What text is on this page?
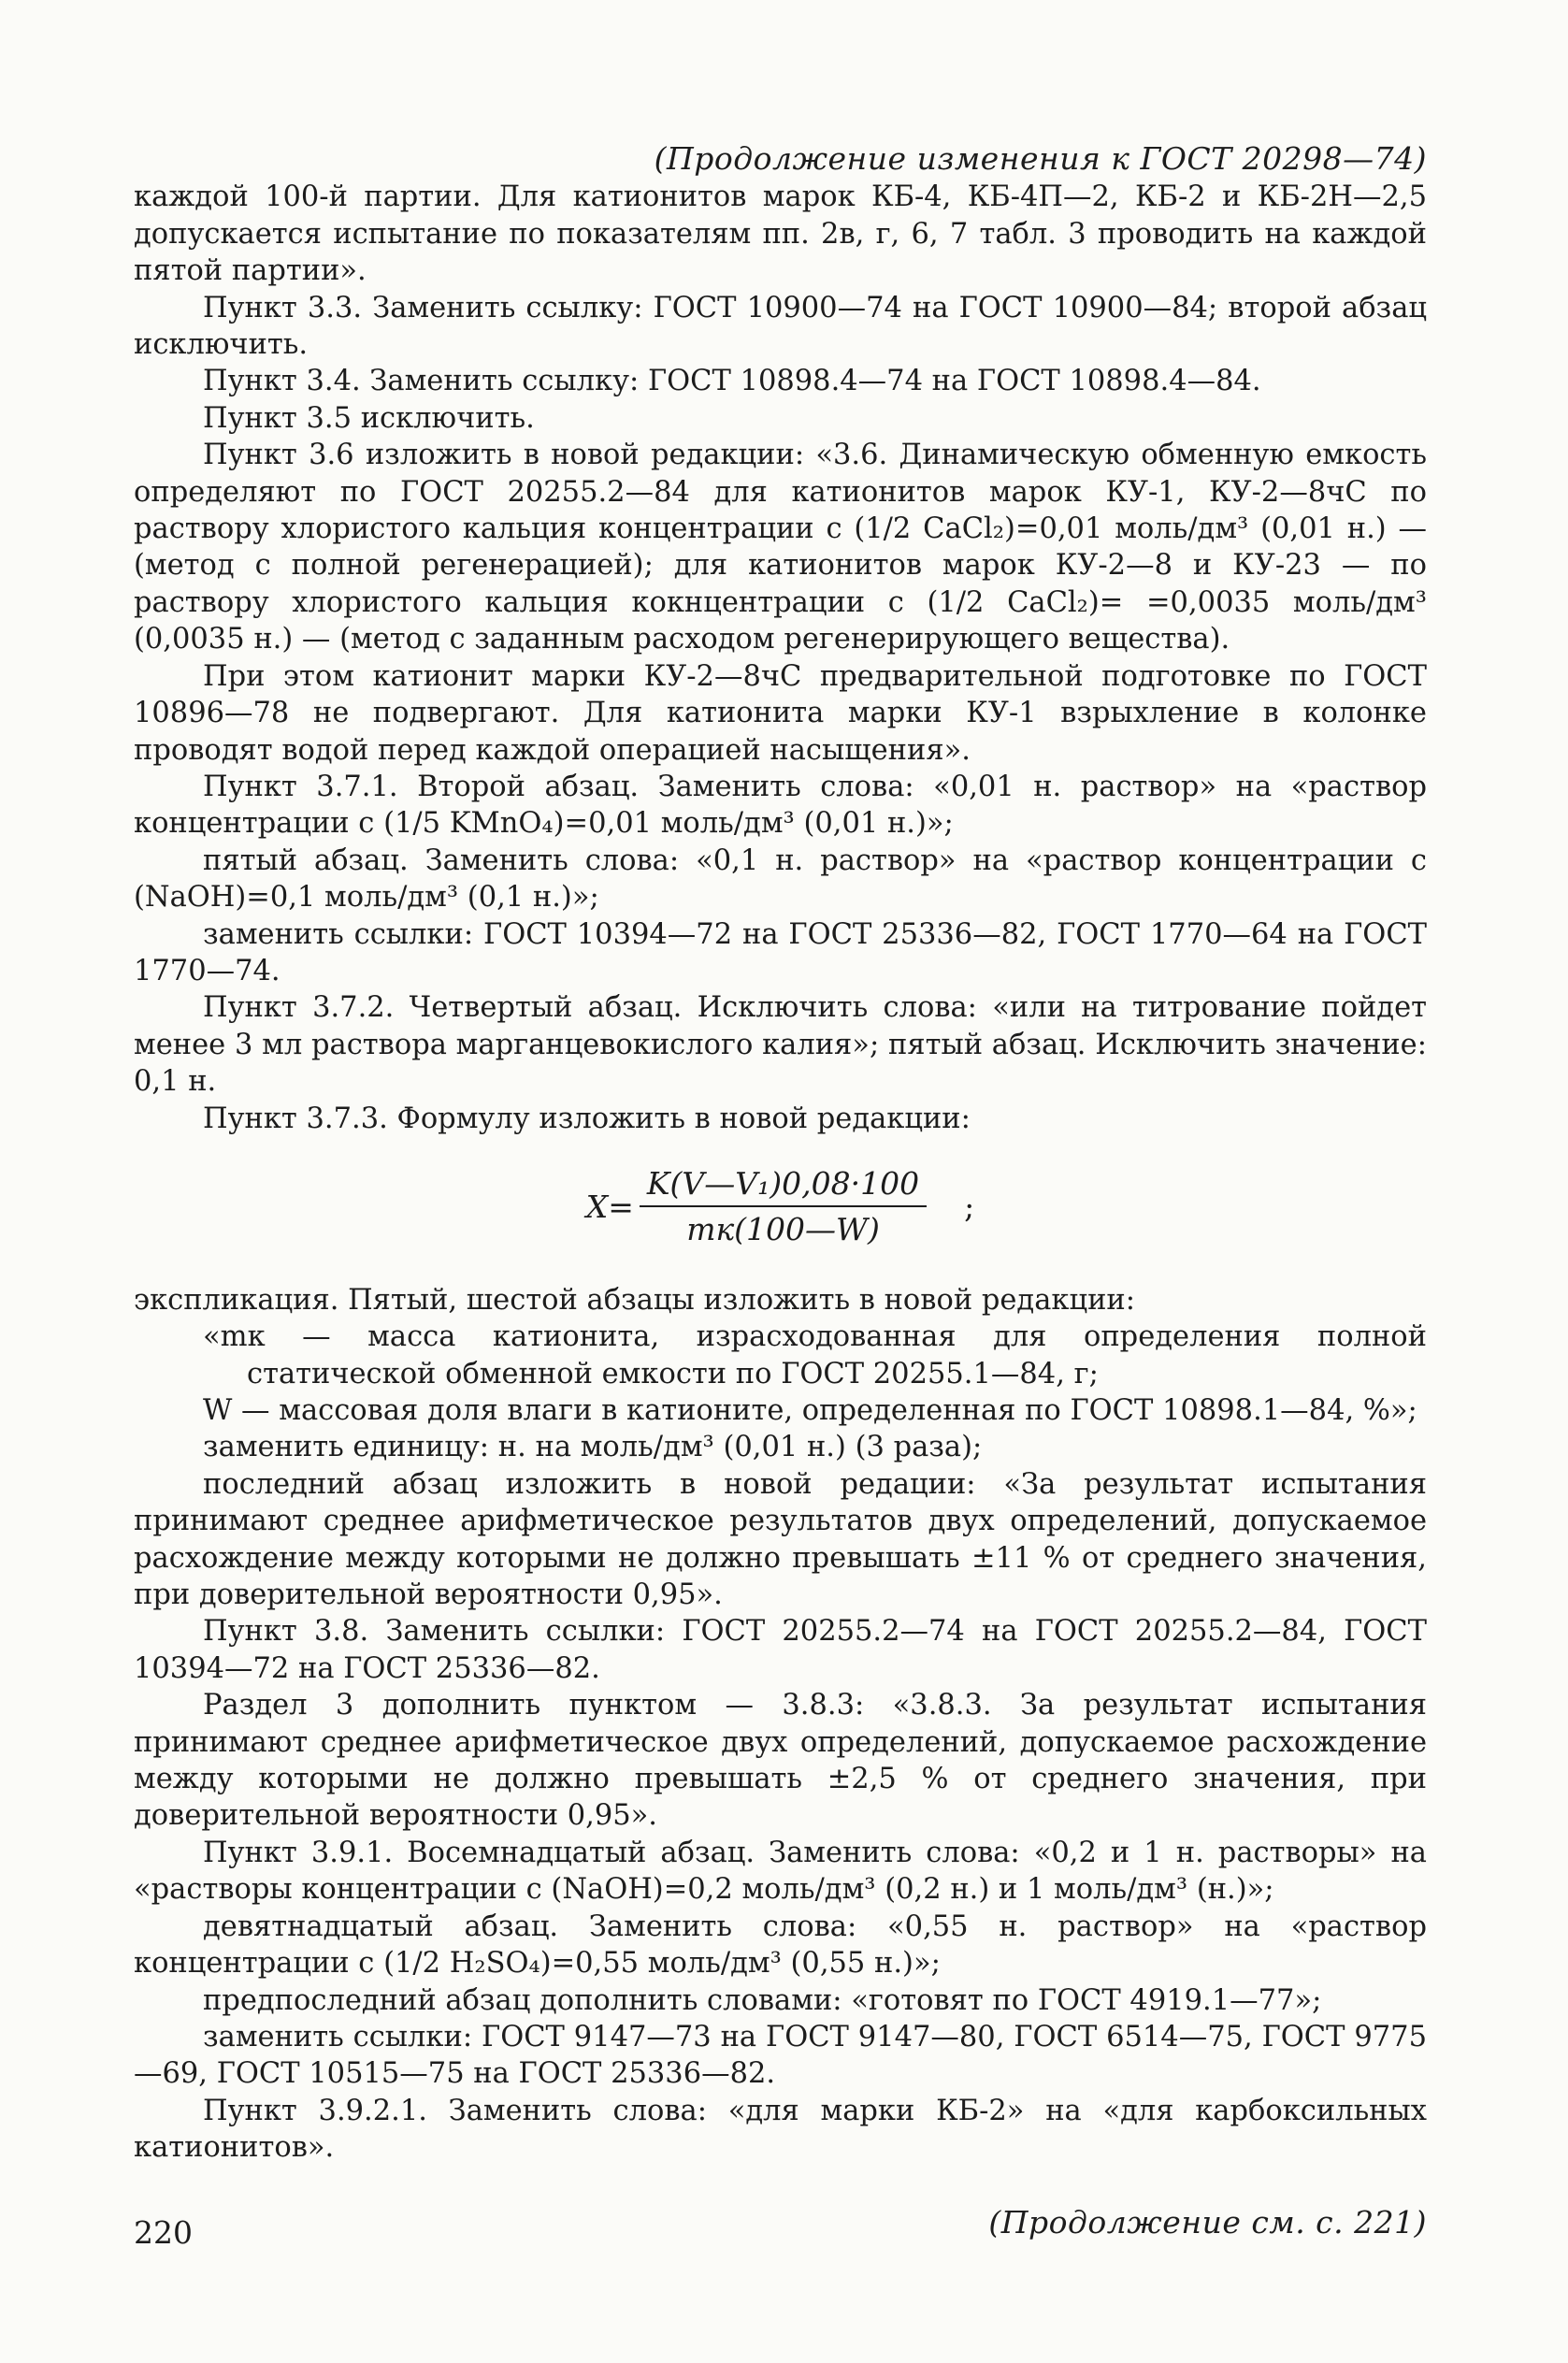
(Продолжение изменения к ГОСТ 20298—74)

каждой 100-й партии. Для катионитов марок КБ-4, КБ-4П—2, КБ-2 и КБ-2Н—2,5 допускается испытание по показателям пп. 2в, г, 6, 7 табл. 3 проводить на каждой пятой партии».

Пункт 3.3. Заменить ссылку: ГОСТ 10900—74 на ГОСТ 10900—84; второй абзац исключить.

Пункт 3.4. Заменить ссылку: ГОСТ 10898.4—74 на ГОСТ 10898.4—84.

Пункт 3.5 исключить.

Пункт 3.6 изложить в новой редакции: «3.6. Динамическую обменную емкость определяют по ГОСТ 20255.2—84 для катионитов марок КУ-1, КУ-2—8чС по раствору хлористого кальция концентрации с (1/2 CaCl₂)=0,01 моль/дм³ (0,01 н.) — (метод с полной регенерацией); для катионитов марок КУ-2—8 и КУ-23 — по раствору хлористого кальция кокнцентрации с (1/2 CaCl₂)= =0,0035 моль/дм³ (0,0035 н.) — (метод с заданным расходом регенерирующего вещества).

При этом катионит марки КУ-2—8чС предварительной подготовке по ГОСТ 10896—78 не подвергают. Для катионита марки КУ-1 взрыхление в колонке проводят водой перед каждой операцией насыщения».

Пункт 3.7.1. Второй абзац. Заменить слова: «0,01 н. раствор» на «раствор концентрации с (1/5 KMnO₄)=0,01 моль/дм³ (0,01 н.)»;

пятый абзац. Заменить слова: «0,1 н. раствор» на «раствор концентрации с (NaOH)=0,1 моль/дм³ (0,1 н.)»;

заменить ссылки: ГОСТ 10394—72 на ГОСТ 25336—82, ГОСТ 1770—64 на ГОСТ 1770—74.

Пункт 3.7.2. Четвертый абзац. Исключить слова: «или на титрование пойдет менее 3 мл раствора марганцевокислого калия»; пятый абзац. Исключить значение: 0,1 н.

Пункт 3.7.3. Формулу изложить в новой редакции:

$X= \frac{\text{K(V—V₁)0,08·100}}{mк(100—W)}$ ;

экспликация. Пятый, шестой абзацы изложить в новой редакции:

«mк — масса катионита, израсходованная для определения полной статической обменной емкости по ГОСТ 20255.1—84, г;

W — массовая доля влаги в катионите, определенная по ГОСТ 10898.1—84, %»;

заменить единицу: н. на моль/дм³ (0,01 н.) (3 раза);

последний абзац изложить в новой редации: «За результат испытания принимают среднее арифметическое результатов двух определений, допускаемое расхождение между которыми не должно превышать ±11 % от среднего значения, при доверительной вероятности 0,95».

Пункт 3.8. Заменить ссылки: ГОСТ 20255.2—74 на ГОСТ 20255.2—84, ГОСТ 10394—72 на ГОСТ 25336—82.

Раздел 3 дополнить пунктом — 3.8.3: «3.8.3. За результат испытания принимают среднее арифметическое двух определений, допускаемое расхождение между которыми не должно превышать ±2,5 % от среднего значения, при доверительной вероятности 0,95».

Пункт 3.9.1. Восемнадцатый абзац. Заменить слова: «0,2 и 1 н. растворы» на «растворы концентрации с (NaOH)=0,2 моль/дм³ (0,2 н.) и 1 моль/дм³ (н.)»;

девятнадцатый абзац. Заменить слова: «0,55 н. раствор» на «раствор концентрации с (1/2 H₂SO₄)=0,55 моль/дм³ (0,55 н.)»;

предпоследний абзац дополнить словами: «готовят по ГОСТ 4919.1—77»;

заменить ссылки: ГОСТ 9147—73 на ГОСТ 9147—80, ГОСТ 6514—75, ГОСТ 9775—69, ГОСТ 10515—75 на ГОСТ 25336—82.

Пункт 3.9.2.1. Заменить слова: «для марки КБ-2» на «для карбоксильных катионитов».

(Продолжение см. с. 221)
220
